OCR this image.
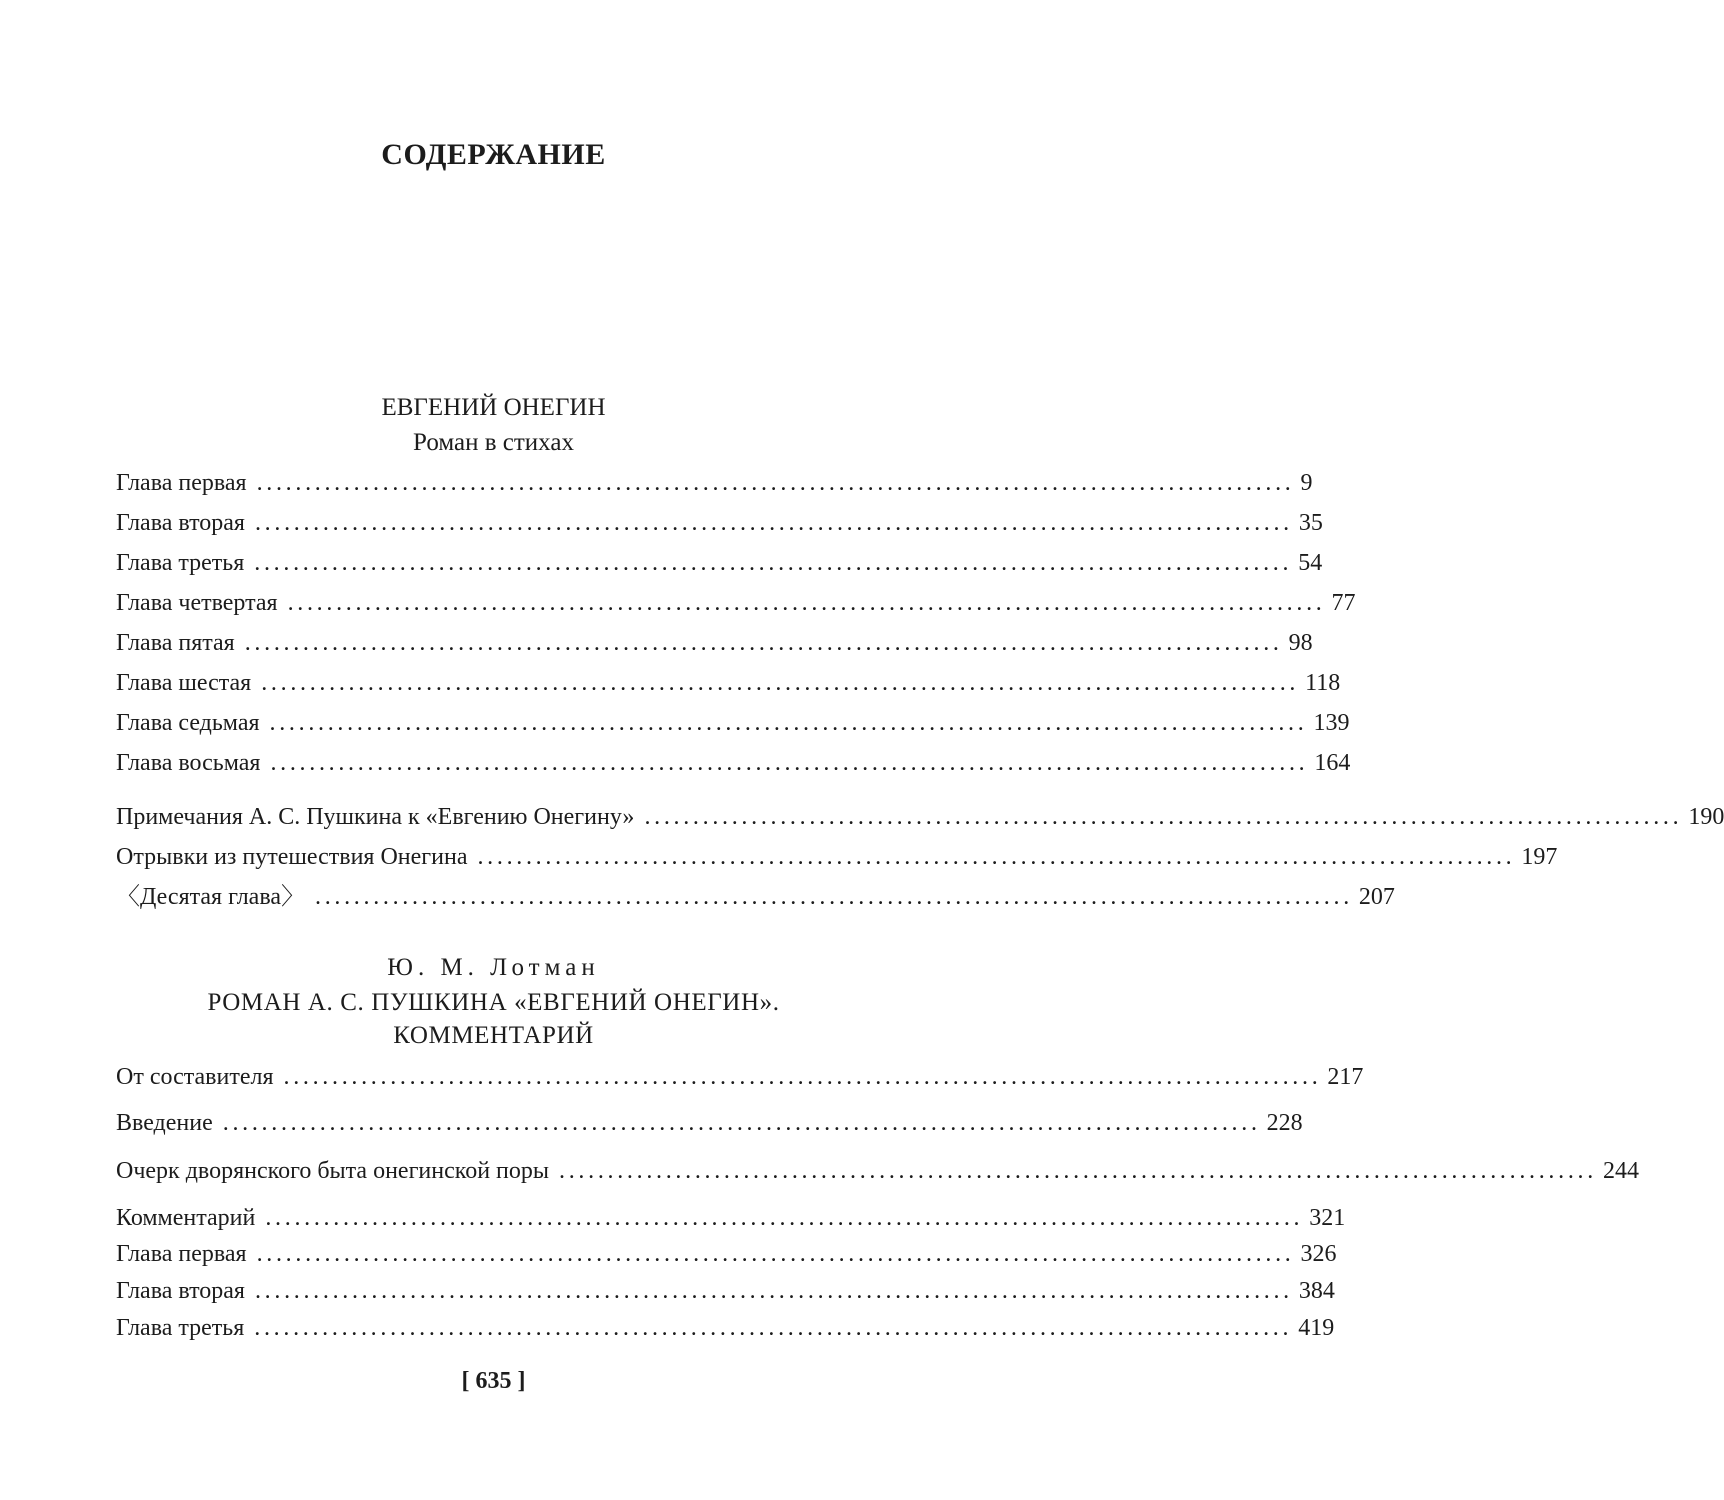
СОДЕРЖАНИЕ
ЕВГЕНИЙ ОНЕГИН
Роман в стихах
Глава первая ........................................................................................................... 9
Глава вторая ........................................................................................................... 35
Глава третья ........................................................................................................... 54
Глава четвертая ........................................................................................................... 77
Глава пятая ........................................................................................................... 98
Глава шестая ........................................................................................................... 118
Глава седьмая ........................................................................................................... 139
Глава восьмая ........................................................................................................... 164
Примечания А. С. Пушкина к «Евгению Онегину» ........................................................................................................... 190
Отрывки из путешествия Онегина ........................................................................................................... 197
〈Десятая глава〉 ........................................................................................................... 207
Ю. М. Лотман
РОМАН А. С. ПУШКИНА «ЕВГЕНИЙ ОНЕГИН».
КОММЕНТАРИЙ
От составителя ........................................................................................................... 217
Введение ........................................................................................................... 228
Очерк дворянского быта онегинской поры ........................................................................................................... 244
Комментарий ........................................................................................................... 321
Глава первая ........................................................................................................... 326
Глава вторая ........................................................................................................... 384
Глава третья ........................................................................................................... 419
[ 635 ]
